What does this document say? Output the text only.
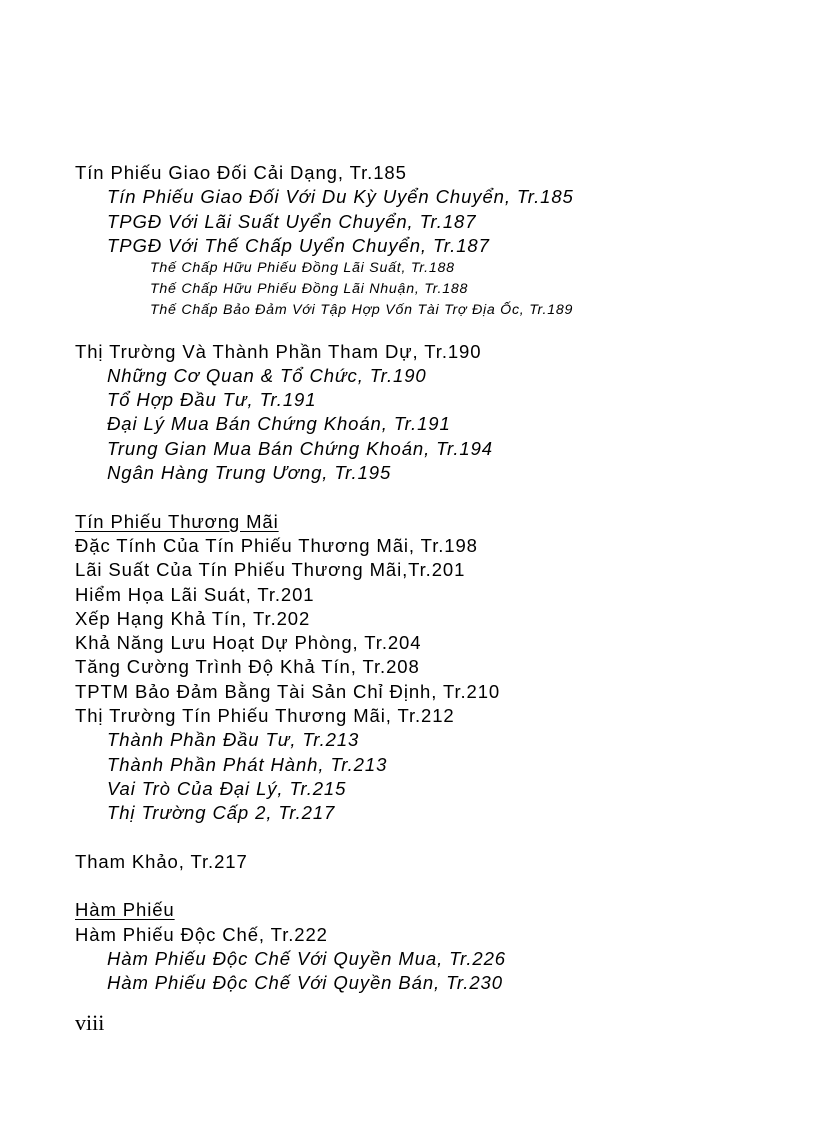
Tín Phiếu Giao Đối Cải Dạng, Tr.185
Tín Phiếu Giao Đối Với Du Kỳ Uyển Chuyển, Tr.185
TPGĐ Với Lãi Suất Uyển Chuyển, Tr.187
TPGĐ Với Thế Chấp Uyển Chuyển, Tr.187
Thế Chấp Hữu Phiếu Đồng Lãi Suất, Tr.188
Thế Chấp Hữu Phiếu Đồng Lãi Nhuận, Tr.188
Thế Chấp Bảo Đảm Với Tập Hợp Vốn Tài Trợ Địa Ốc, Tr.189
Thị Trường Và Thành Phần Tham Dự, Tr.190
Những Cơ Quan & Tổ Chức, Tr.190
Tổ Hợp Đầu Tư, Tr.191
Đại Lý Mua Bán Chứng Khoán, Tr.191
Trung Gian Mua Bán Chứng Khoán, Tr.194
Ngân Hàng Trung Ương, Tr.195
Tín Phiếu Thương Mãi
Đặc Tính Của Tín Phiếu Thương Mãi, Tr.198
Lãi Suất Của Tín Phiếu Thương Mãi,Tr.201
Hiểm Họa Lãi Suát, Tr.201
Xếp Hạng Khả Tín, Tr.202
Khả Năng Lưu Hoạt Dự Phòng, Tr.204
Tăng Cường Trình Độ Khả Tín, Tr.208
TPTM Bảo Đảm Bằng Tài Sản Chỉ Định, Tr.210
Thị Trường Tín Phiếu Thương Mãi, Tr.212
Thành Phần Đầu Tư, Tr.213
Thành Phần Phát Hành, Tr.213
Vai Trò Của Đại Lý, Tr.215
Thị Trường Cấp 2, Tr.217
Tham Khảo, Tr.217
Hàm Phiếu
Hàm Phiếu Độc Chế, Tr.222
Hàm Phiếu Độc Chế Với Quyền Mua, Tr.226
Hàm Phiếu Độc Chế Với Quyền Bán, Tr.230
viii
